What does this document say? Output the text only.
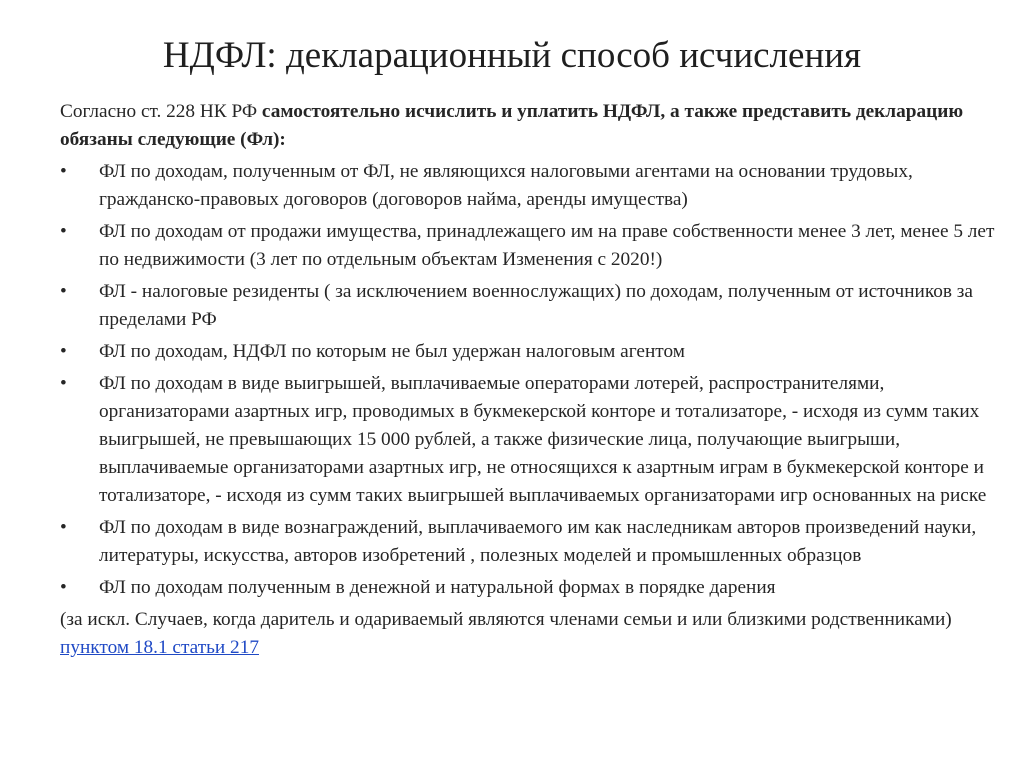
НДФЛ: декларационный способ исчисления

Согласно ст. 228 НК РФ самостоятельно исчислить и уплатить НДФЛ, а также представить декларацию обязаны следующие (Фл):

• ФЛ по доходам, полученным от ФЛ, не являющихся налоговыми агентами на основании трудовых, гражданско-правовых договоров (договоров найма, аренды имущества)
• ФЛ по доходам от продажи имущества, принадлежащего им на праве собственности менее 3 лет, менее 5 лет по недвижимости (3 лет по отдельным объектам Изменения с 2020!)
• ФЛ - налоговые резиденты ( за исключением военнослужащих) по доходам, полученным от источников за пределами РФ
• ФЛ по доходам, НДФЛ по которым не был удержан налоговым агентом
• ФЛ по доходам в виде выигрышей, выплачиваемые операторами лотерей, распространителями, организаторами азартных игр, проводимых в букмекерской конторе и тотализаторе, - исходя из сумм таких выигрышей, не превышающих 15 000 рублей, а также физические лица, получающие выигрыши, выплачиваемые организаторами азартных игр, не относящихся к азартным играм в букмекерской конторе и тотализаторе, - исходя из сумм таких выигрышей выплачиваемых организаторами игр основанных на риске
• ФЛ по доходам в виде вознаграждений, выплачиваемого им как наследникам авторов произведений науки, литературы, искусства, авторов изобретений , полезных моделей и промышленных образцов
• ФЛ по доходам полученным в денежной и натуральной формах в порядке дарения

(за искл. Случаев, когда даритель и одариваемый являются членами семьи и или близкими родственниками) пунктом 18.1 статьи 217
